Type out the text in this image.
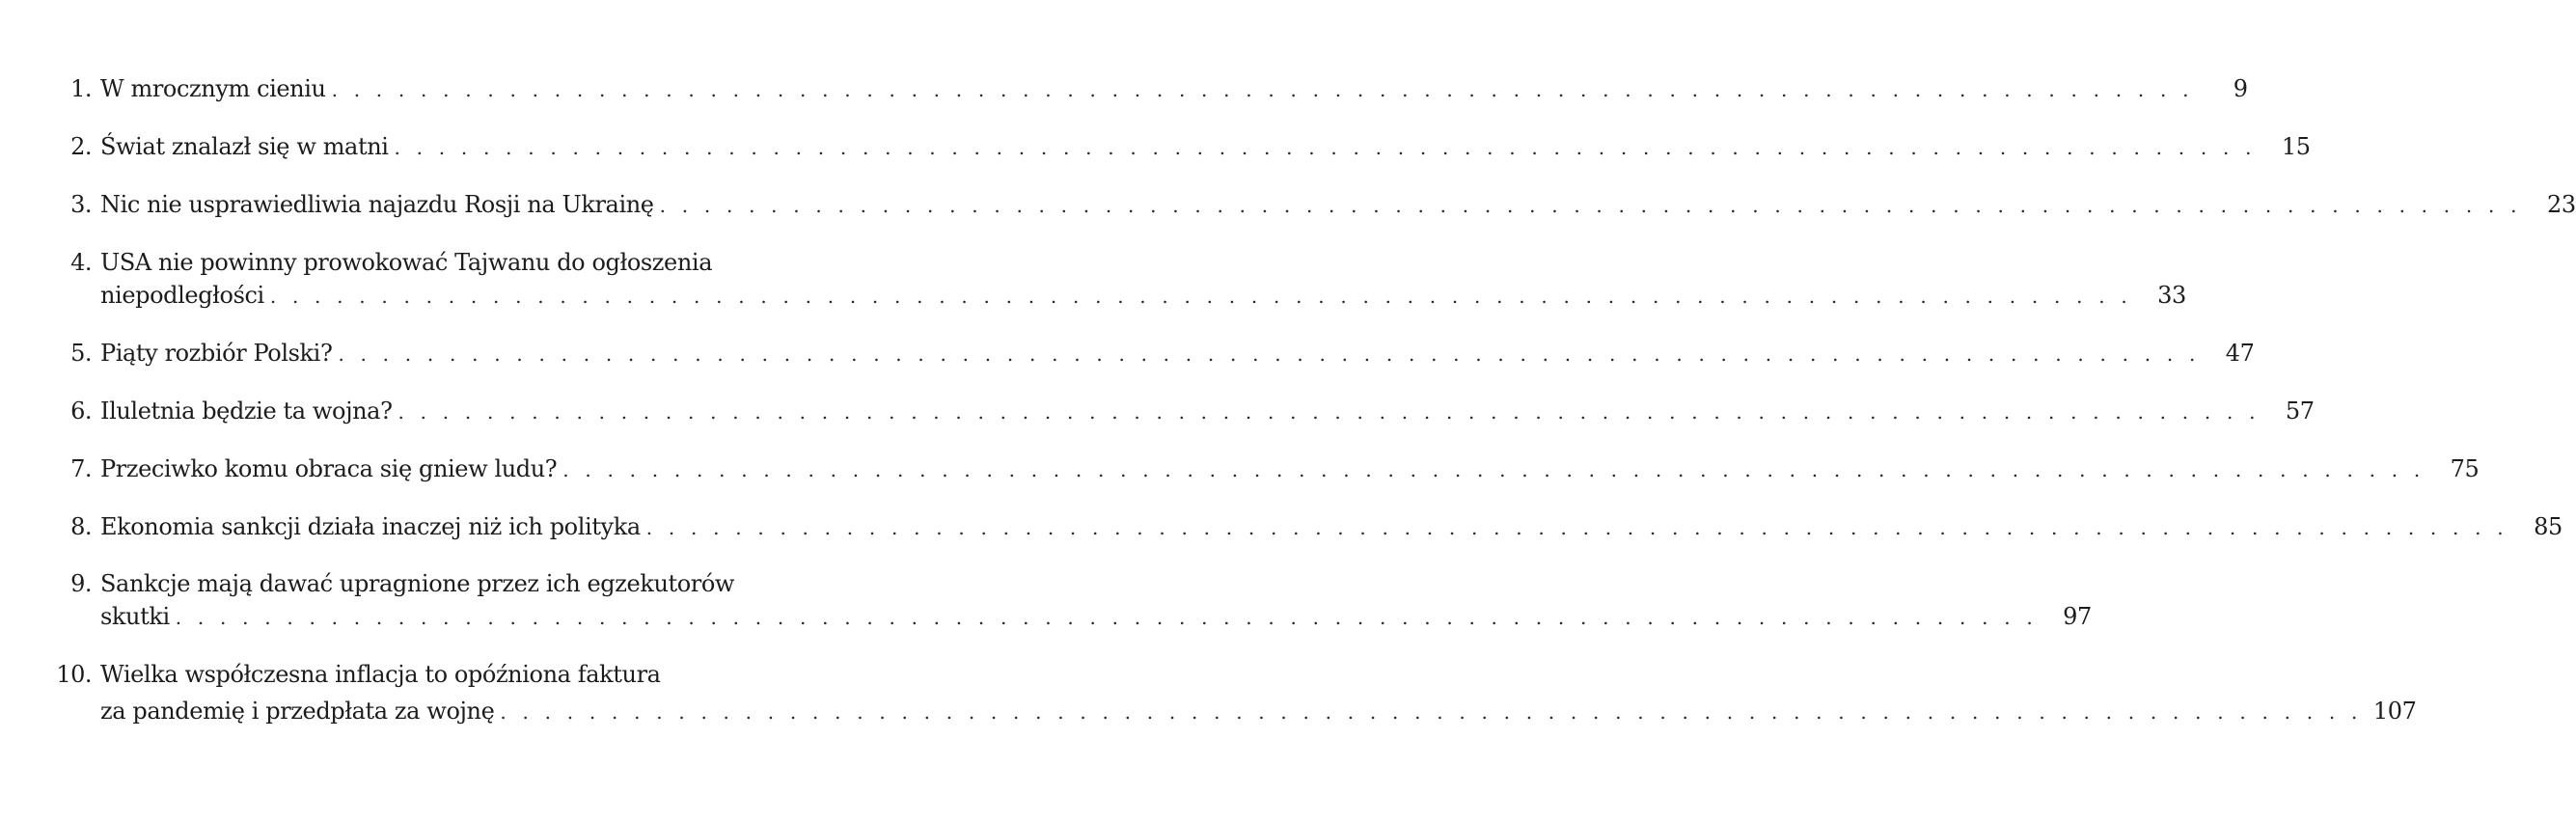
1. W mrocznym cieniu . . . . . . . . . . . . . . . . . . . . . . . . . . . . . . . . . . . . . . . . . . . . . . . . . . . . . . . . . . . . . . . . . . . . . . . . . . . . . . . . . . . .	9
2. Świat znalazł się w matni . . . . . . . . . . . . . . . . . . . . . . . . . . . . . . . . . . . . . . . . . . . . . . . . . . . . . . . . . . . . . . . . . . . . . . . . . . . . . . . . . . . .	15
3. Nic nie usprawiedliwia najazdu Rosji na Ukrainę . . . . . . . . . . . . . . . . . . . . . . . . . . . . . . . . . . . . . . . . . . . . . . . . . . . . . . . . . . . . . . . . . . . . . . . . . . . . . . . . . . . .	23
4. USA nie powinny prowokować Tajwanu do ogłoszenia
niepodległości . . . . . . . . . . . . . . . . . . . . . . . . . . . . . . . . . . . . . . . . . . . . . . . . . . . . . . . . . . . . . . . . . . . . . . . . . . . . . . . . . . . .	33
5. Piąty rozbiór Polski? . . . . . . . . . . . . . . . . . . . . . . . . . . . . . . . . . . . . . . . . . . . . . . . . . . . . . . . . . . . . . . . . . . . . . . . . . . . . . . . . . . . .	47
6. Iluletnia będzie ta wojna? . . . . . . . . . . . . . . . . . . . . . . . . . . . . . . . . . . . . . . . . . . . . . . . . . . . . . . . . . . . . . . . . . . . . . . . . . . . . . . . . . . . .	57
7. Przeciwko komu obraca się gniew ludu? . . . . . . . . . . . . . . . . . . . . . . . . . . . . . . . . . . . . . . . . . . . . . . . . . . . . . . . . . . . . . . . . . . . . . . . . . . . . . . . . . . . .	75
8. Ekonomia sankcji działa inaczej niż ich polityka . . . . . . . . . . . . . . . . . . . . . . . . . . . . . . . . . . . . . . . . . . . . . . . . . . . . . . . . . . . . . . . . . . . . . . . . . . . . . . . . . . . .	85
9. Sankcje mają dawać upragnione przez ich egzekutorów
skutki . . . . . . . . . . . . . . . . . . . . . . . . . . . . . . . . . . . . . . . . . . . . . . . . . . . . . . . . . . . . . . . . . . . . . . . . . . . . . . . . . . . .	97
10. Wielka współczesna inflacja to opóźniona faktura
za pandemię i przedpłata za wojnę . . . . . . . . . . . . . . . . . . . . . . . . . . . . . . . . . . . . . . . . . . . . . . . . . . . . . . . . . . . . . . . . . . . . . . . . . . . . . . . . . . . . 107
